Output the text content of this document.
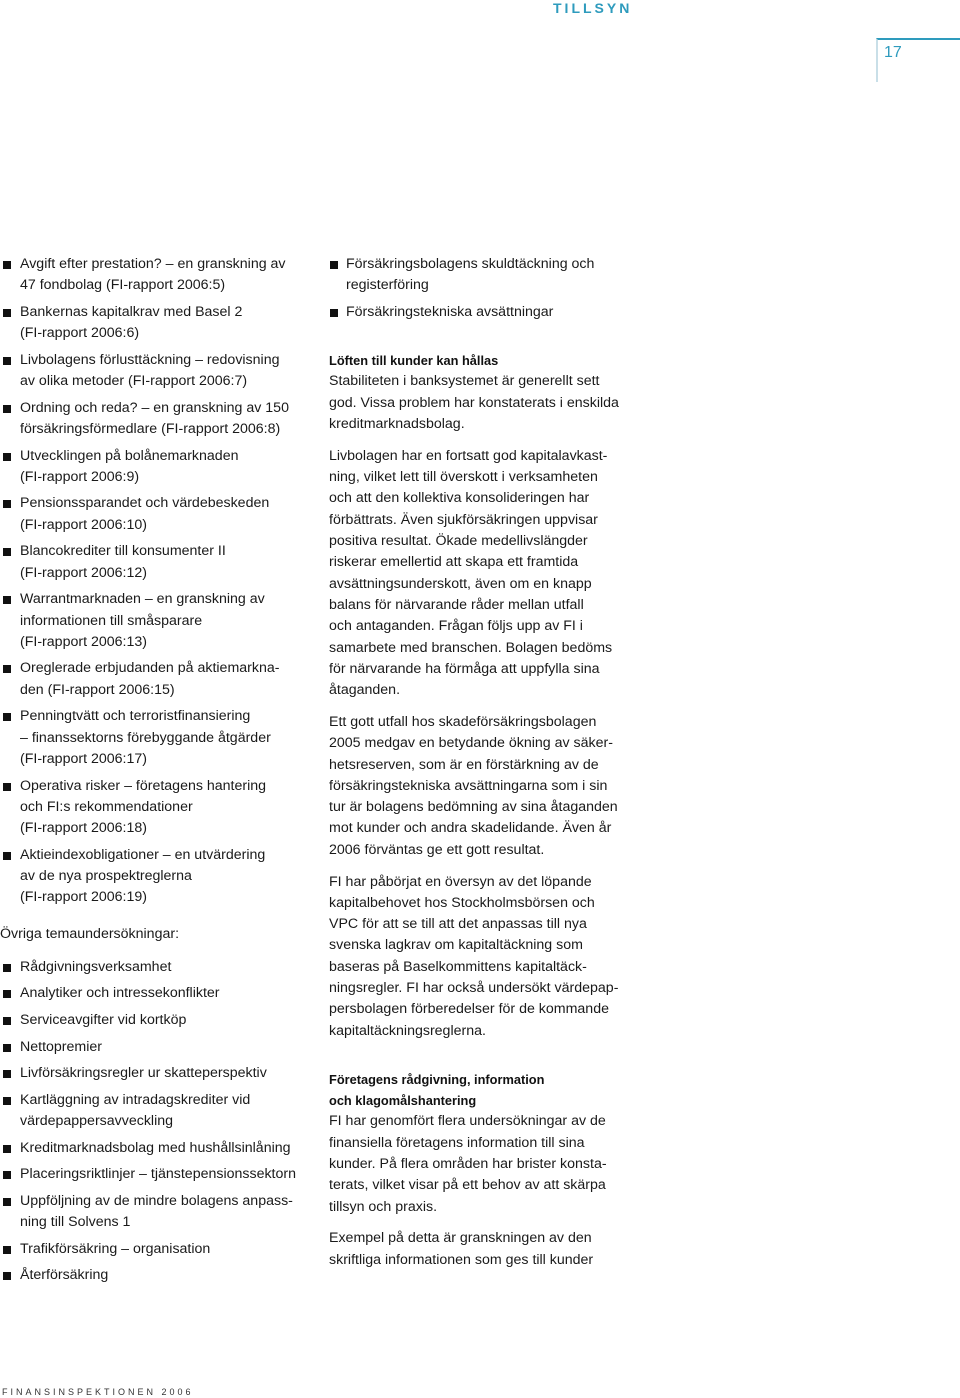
TILLSYN
17
Avgift efter prestation? – en granskning av
47 fondbolag (FI-rapport 2006:5)
Bankernas kapitalkrav med Basel 2
(FI-rapport 2006:6)
Livbolagens förlusttäckning – redovisning
av olika metoder (FI-rapport 2006:7)
Ordning och reda? – en granskning av 150
försäkringsförmedlare (FI-rapport 2006:8)
Utvecklingen på bolånemarknaden
(FI-rapport 2006:9)
Pensionssparandet och värdebeskeden
(FI-rapport 2006:10)
Blancokrediter till konsumenter II
(FI-rapport 2006:12)
Warrantmarknaden – en granskning av
informationen till småsparare
(FI-rapport 2006:13)
Oreglerade erbjudanden på aktiemarkna-
den (FI-rapport 2006:15)
Penningtvätt och terroristfinansiering
– finanssektorns förebyggande åtgärder
(FI-rapport 2006:17)
Operativa risker – företagens hantering
och FI:s rekommendationer
(FI-rapport 2006:18)
Aktieindexobligationer – en utvärdering
av de nya prospektreglerna
(FI-rapport 2006:19)
Övriga temaundersökningar:
Rådgivningsverksamhet
Analytiker och intressekonflikter
Serviceavgifter vid kortköp
Nettopremier
Livförsäkringsregler ur skatteperspektiv
Kartläggning av intradagskrediter vid
värdepappersavveckling
Kreditmarknadsbolag med hushållsinlåning
Placeringsriktlinjer – tjänstepensionssektorn
Uppföljning av de mindre bolagens anpass-
ning till Solvens 1
Trafikförsäkring – organisation
Återförsäkring
Försäkringsbolagens skuldtäckning och
registerföring
Försäkringstekniska avsättningar
Löften till kunder kan hållas
Stabiliteten i banksystemet är generellt sett
god. Vissa problem har konstaterats i enskilda
kreditmarknadsbolag.
Livbolagen har en fortsatt god kapitalavkast-
ning, vilket lett till överskott i verksamheten
och att den kollektiva konsolideringen har
förbättrats. Även sjukförsäkringen uppvisar
positiva resultat. Ökade medellivslängder
riskerar emellertid att skapa ett framtida
avsättningsunderskott, även om en knapp
balans för närvarande råder mellan utfall
och antaganden. Frågan följs upp av FI i
samarbete med branschen. Bolagen bedöms
för närvarande ha förmåga att uppfylla sina
åtaganden.
Ett gott utfall hos skadeförsäkringsbolagen
2005 medgav en betydande ökning av säker-
hetsreserven, som är en förstärkning av de
försäkringstekniska avsättningarna som i sin
tur är bolagens bedömning av sina åtaganden
mot kunder och andra skadelidande. Även år
2006 förväntas ge ett gott resultat.
FI har påbörjat en översyn av det löpande
kapitalbehovet hos Stockholmsbörsen och
VPC för att se till att det anpassas till nya
svenska lagkrav om kapitaltäckning som
baseras på Baselkommittens kapitaltäck-
ningsregler. FI har också undersökt värdepap-
persbolagen förberedelser för de kommande
kapitaltäckningsreglerna.
Företagens rådgivning, information
och klagomålshantering
FI har genomfört flera undersökningar av de
finansiella företagens information till sina
kunder. På flera områden har brister konsta-
terats, vilket visar på ett behov av att skärpa
tillsyn och praxis.
Exempel på detta är granskningen av den
skriftliga informationen som ges till kunder
FINANSINSPEKTIONEN 2006
